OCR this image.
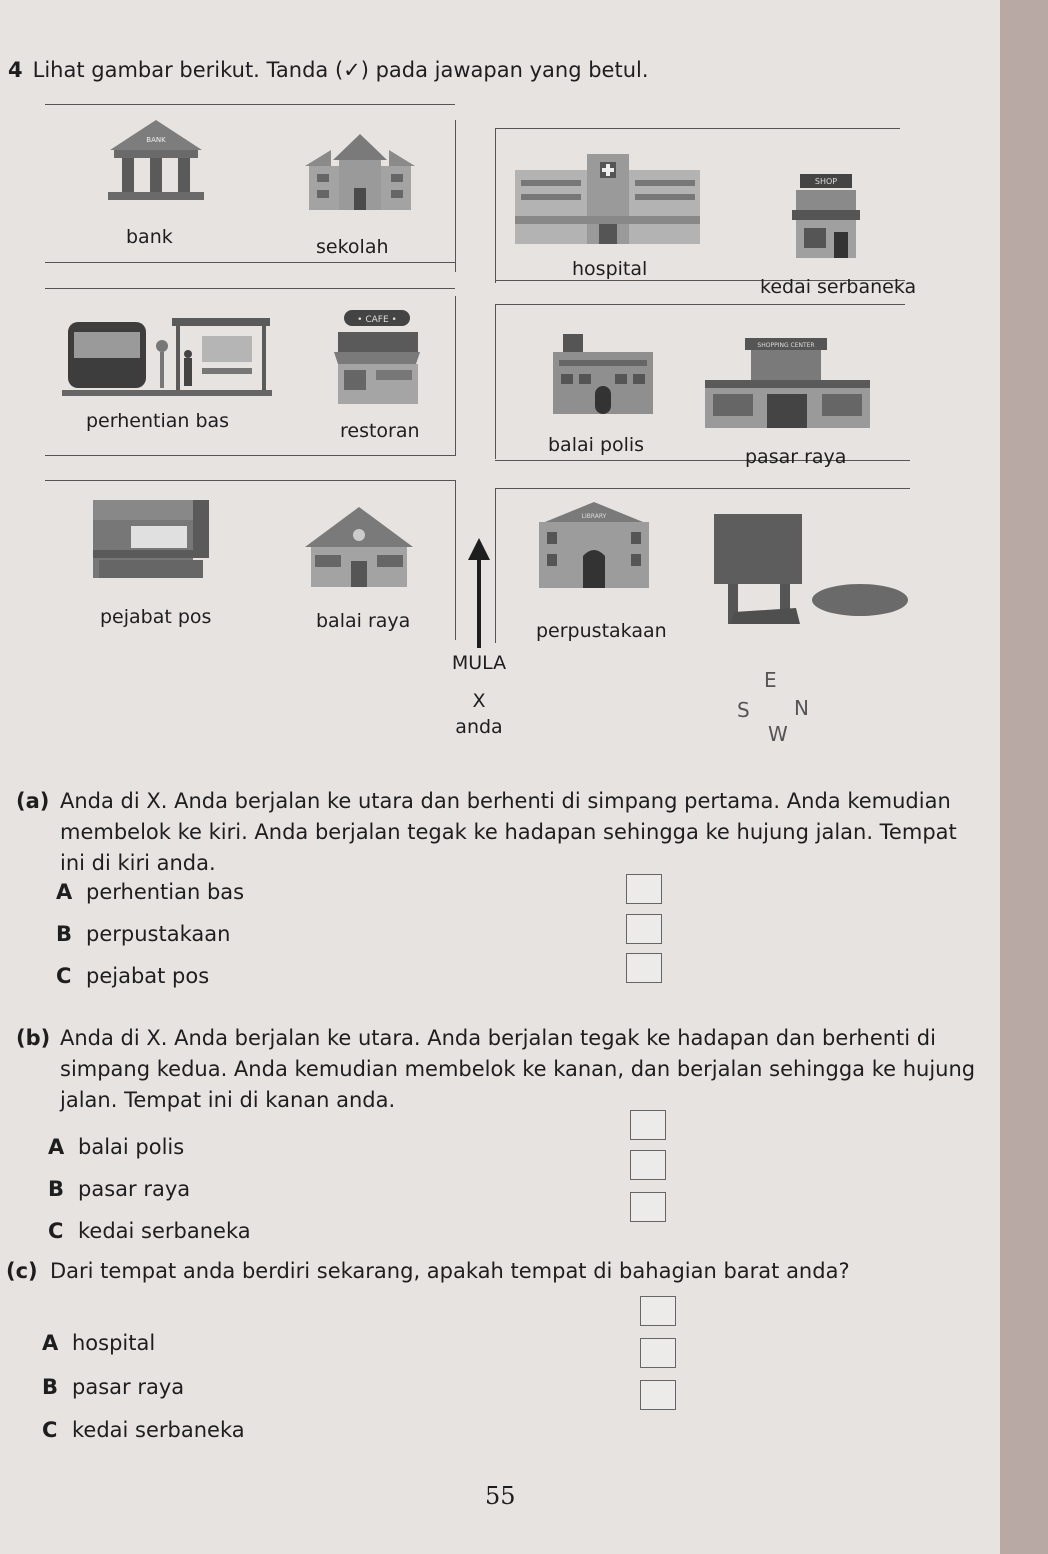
4 Lihat gambar berikut. Tanda (✓) pada jawapan yang betul.
BANK
bank	sekolah
hospital
SHOP
kedai serbaneka
perhentian bas
• CAFE •
restoran
balai polis
SHOPPING CENTER
pasar raya
pejabat pos	balai raya
LIBRARY
perpustakaan
MULA
X
anda
E
S N
W
(a) Anda di X. Anda berjalan ke utara dan berhenti di simpang pertama. Anda kemudian membelok ke kiri. Anda berjalan tegak ke hadapan sehingga ke hujung jalan. Tempat ini di kiri anda.
A perhentian bas
B perpustakaan
C pejabat pos
(b) Anda di X. Anda berjalan ke utara. Anda berjalan tegak ke hadapan dan berhenti di simpang kedua. Anda kemudian membelok ke kanan, dan berjalan sehingga ke hujung jalan. Tempat ini di kanan anda.
A balai polis
B pasar raya
C kedai serbaneka
(c) Dari tempat anda berdiri sekarang, apakah tempat di bahagian barat anda?
A hospital
B pasar raya
C kedai serbaneka
55
